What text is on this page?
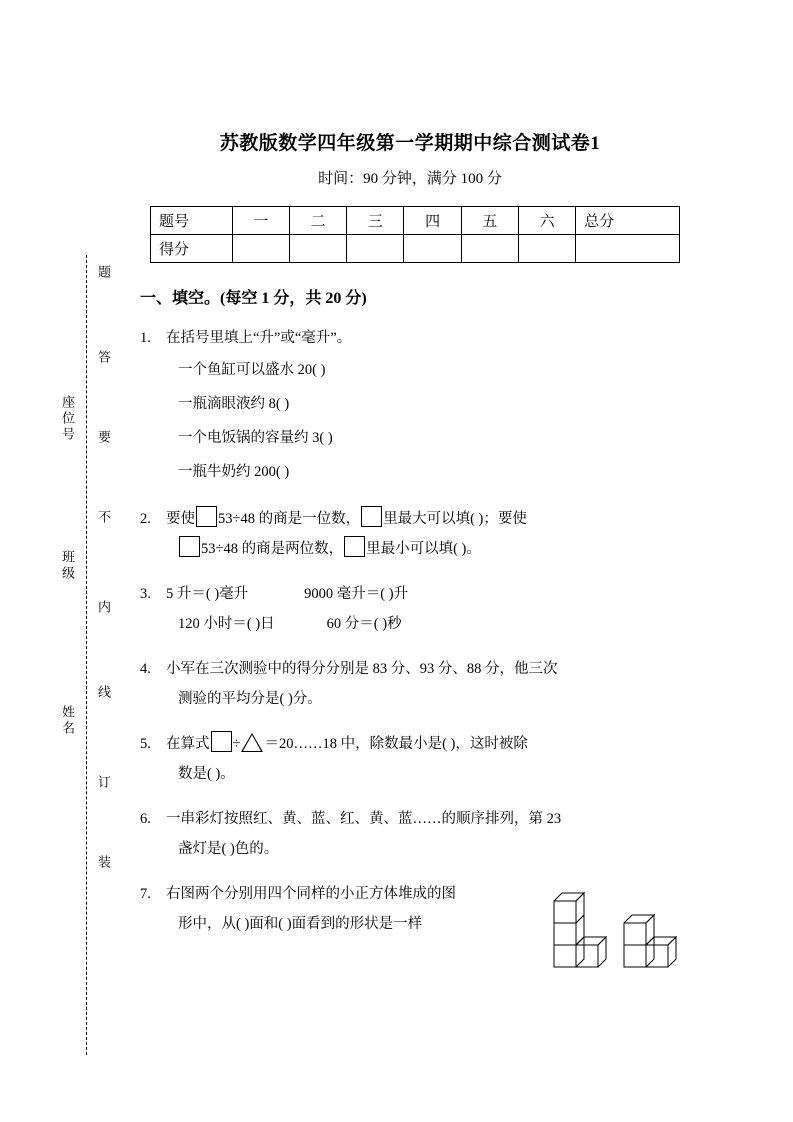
题
答
要
不
内
线
订
装
座位号
班级
姓名
苏教版数学四年级第一学期期中综合测试卷1
时间：90 分钟，满分 100 分
题号	一	二	三	四	五	六	总分
得分							
一、填空。(每空 1 分，共 20 分)
1. 在括号里填上“升”或“毫升”。
一个鱼缸可以盛水 20( )
一瓶滴眼液约 8( )
一个电饭锅的容量约 3( )
一瓶牛奶约 200( )
2. 要使 53÷48 的商是一位数， 里最大可以填( )；要使
53÷48 的商是两位数， 里最小可以填( )。
3. 5 升＝( )毫升	9000 毫升＝( )升
120 小时＝( )日	60 分＝( )秒
4. 小军在三次测验中的得分分别是 83 分、93 分、88 分，他三次
测验的平均分是( )分。
5. 在算式 ÷ ＝20……18 中，除数最小是( )，这时被除
数是( )。
6. 一串彩灯按照红、黄、蓝、红、黄、蓝……的顺序排列，第 23
盏灯是( )色的。
7. 右图两个分别用四个同样的小正方体堆成的图
形中，从( )面和( )面看到的形状是一样
